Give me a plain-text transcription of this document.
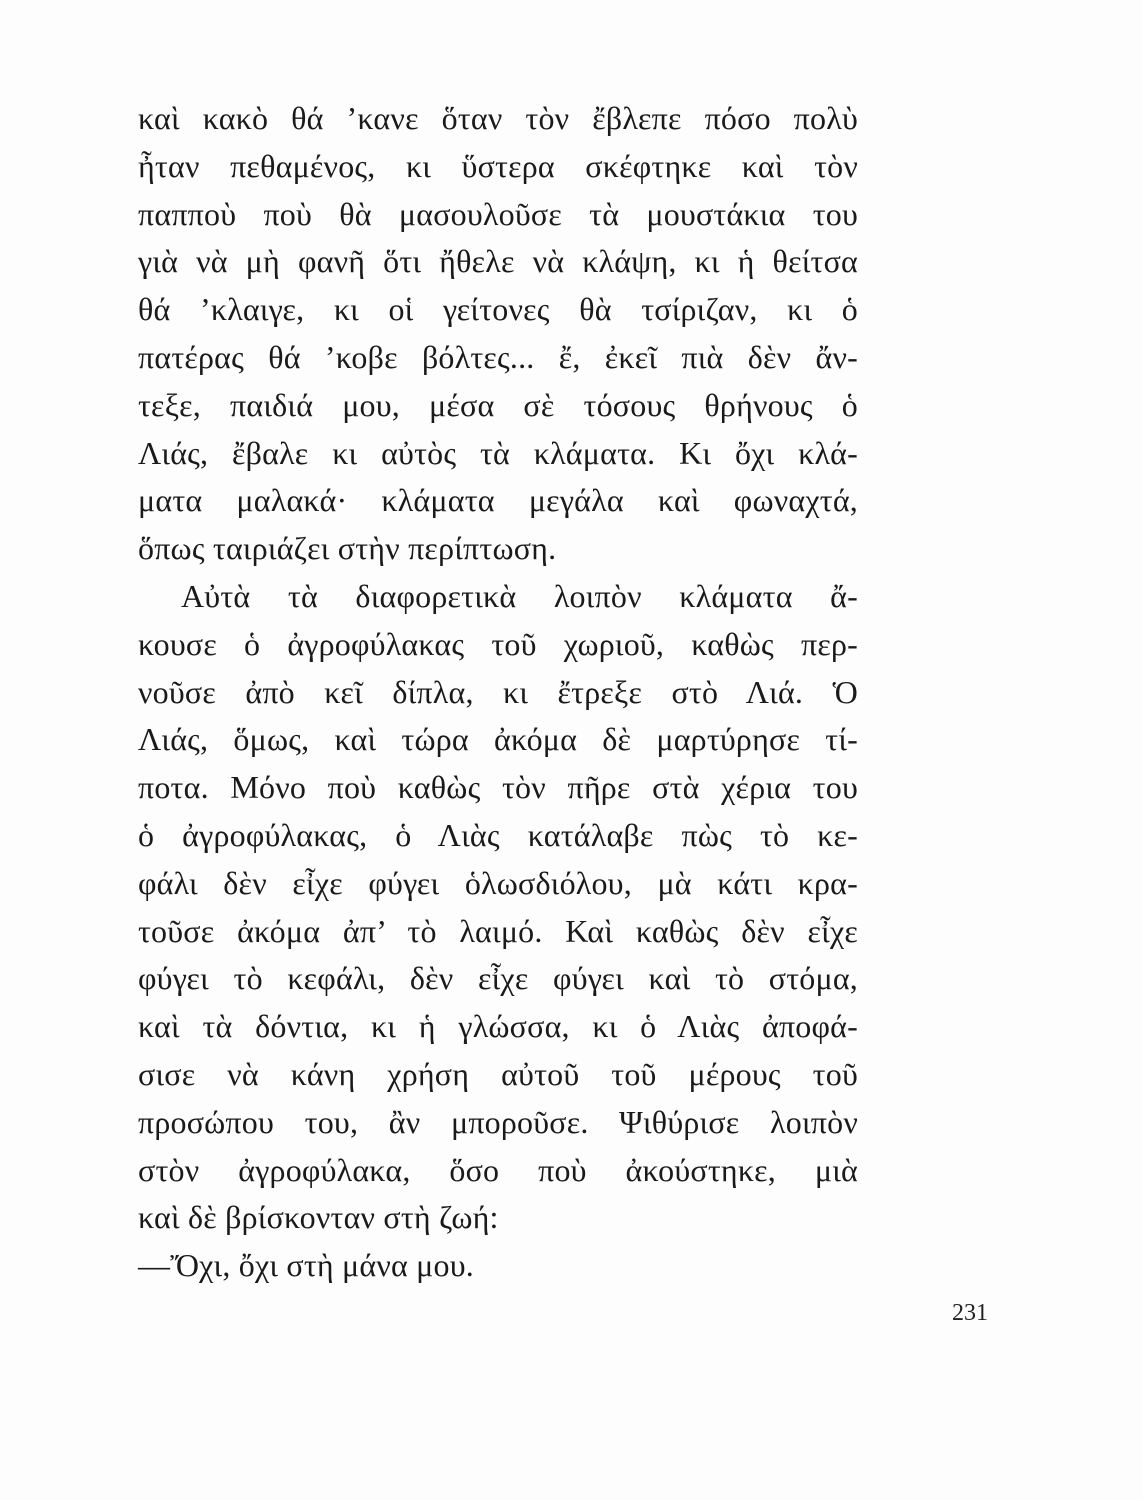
καὶ κακὸ θά ’κανε ὅταν τὸν ἔβλεπε πόσο πολὺ
ἦταν πεθαμένος, κι ὕστερα σκέφτηκε καὶ τὸν
παπποὺ ποὺ θὰ μασουλοῦσε τὰ μουστάκια του
γιὰ νὰ μὴ φανῆ ὅτι ἤθελε νὰ κλάψη, κι ἡ θείτσα
θά ’κλαιγε, κι οἱ γείτονες θὰ τσίριζαν, κι ὁ
πατέρας θά ’κοβε βόλτες... ἔ, ἐκεῖ πιὰ δὲν ἄν-
τεξε, παιδιά μου, μέσα σὲ τόσους θρήνους ὁ
Λιάς, ἔβαλε κι αὐτὸς τὰ κλάματα. Κι ὄχι κλά-
ματα μαλακά· κλάματα μεγάλα καὶ φωναχτά,
ὅπως ταιριάζει στὴν περίπτωση.
Αὐτὰ τὰ διαφορετικὰ λοιπὸν κλάματα ἄ-
κουσε ὁ ἀγροφύλακας τοῦ χωριοῦ, καθὼς περ-
νοῦσε ἀπὸ κεῖ δίπλα, κι ἔτρεξε στὸ Λιά. Ὁ
Λιάς, ὅμως, καὶ τώρα ἀκόμα δὲ μαρτύρησε τί-
ποτα. Μόνο ποὺ καθὼς τὸν πῆρε στὰ χέρια του
ὁ ἀγροφύλακας, ὁ Λιὰς κατάλαβε πὼς τὸ κε-
φάλι δὲν εἶχε φύγει ὁλωσδιόλου, μὰ κάτι κρα-
τοῦσε ἀκόμα ἀπ’ τὸ λαιμό. Καὶ καθὼς δὲν εἶχε
φύγει τὸ κεφάλι, δὲν εἶχε φύγει καὶ τὸ στόμα,
καὶ τὰ δόντια, κι ἡ γλώσσα, κι ὁ Λιὰς ἀποφά-
σισε νὰ κάνη χρήση αὐτοῦ τοῦ μέρους τοῦ
προσώπου του, ἂν μποροῦσε. Ψιθύρισε λοιπὸν
στὸν ἀγροφύλακα, ὅσο ποὺ ἀκούστηκε, μιὰ
καὶ δὲ βρίσκονταν στὴ ζωή:
—Ὄχι, ὄχι στὴ μάνα μου.
231
